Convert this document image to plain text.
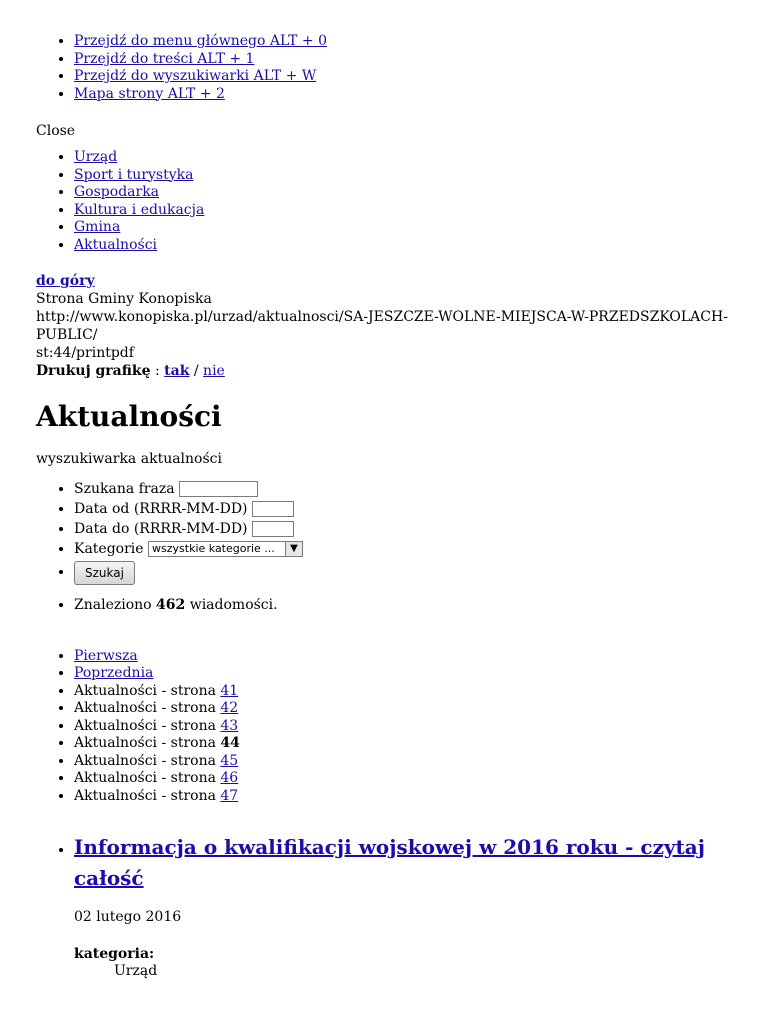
• Przejdź do menu głównego ALT + 0
• Przejdź do treści ALT + 1
• Przejdź do wyszukiwarki ALT + W
• Mapa strony ALT + 2
Close
• Urząd
• Sport i turystyka
• Gospodarka
• Kultura i edukacja
• Gmina
• Aktualności
do góry
Strona Gminy Konopiska
http://www.konopiska.pl/urzad/aktualnosci/SA-JESZCZE-WOLNE-MIEJSCA-W-PRZEDSZKOLACH-PUBLIC/
st:44/printpdf
Drukuj grafikę : tak / nie
Aktualności
wyszukiwarka aktualności
• Szukana fraza
• Data od (RRRR-MM-DD)
• Data do (RRRR-MM-DD)
• Kategorie wszystkie kategorie ...	▼
• Szukaj
• Znaleziono 462 wiadomości.
• Pierwsza
• Poprzednia
• Aktualności - strona 41
• Aktualności - strona 42
• Aktualności - strona 43
• Aktualności - strona 44
• Aktualności - strona 45
• Aktualności - strona 46
• Aktualności - strona 47
• Informacja o kwalifikacji wojskowej w 2016 roku - czytaj całość

02 lutego 2016

kategoria:
Urząd
